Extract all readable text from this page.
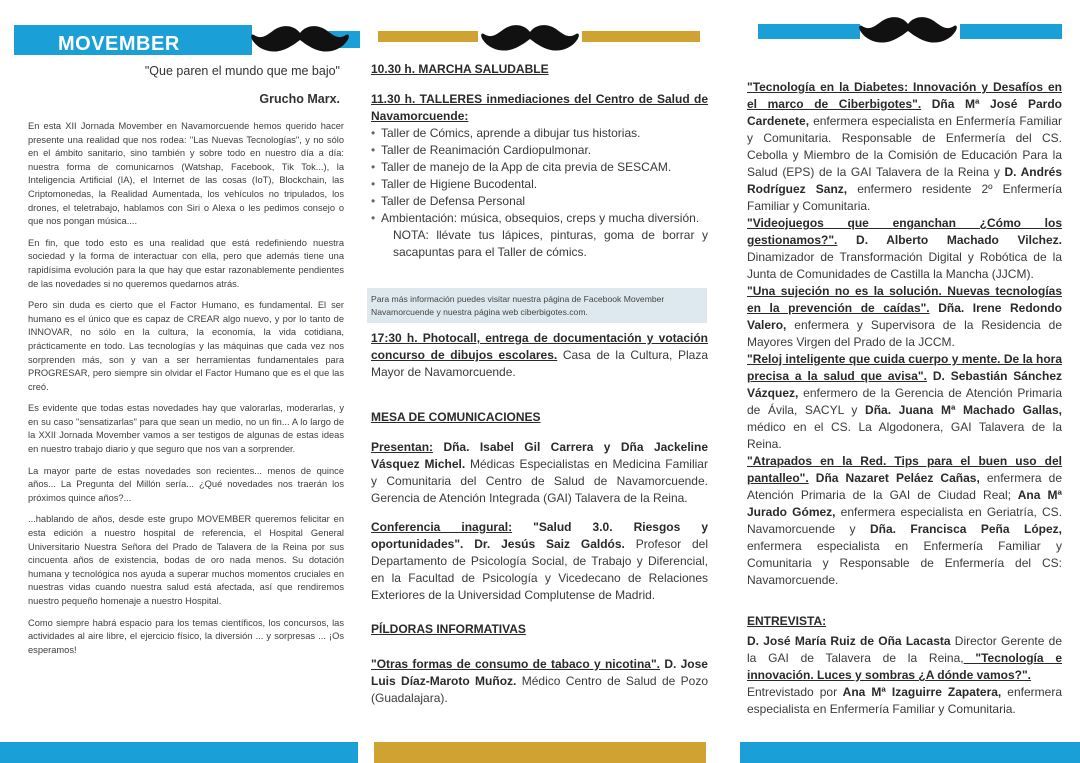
MOVEMBER
"Que paren el mundo que me bajo"
Grucho Marx.

En esta XII Jornada Movember en Navamorcuende hemos querido hacer presente una realidad que nos rodea: "Las Nuevas Tecnologías", y no sólo en el ámbito sanitario, sino también y sobre todo en nuestro día a día: nuestra forma de comunicarnos (Watshap, Facebook, Tik Tok...), la Inteligencia Artificial (IA), el Internet de las cosas (IoT), Blockchain, las Criptomonedas, la Realidad Aumentada, los vehículos no tripulados, los drones, el teletrabajo, hablamos con Siri o Alexa o les pedimos consejo o que nos pongan música....

En fin, que todo esto es una realidad que está redefiniendo nuestra sociedad y la forma de interactuar con ella, pero que además tiene una rapidísima evolución para la que hay que estar razonablemente pendientes de las novedades si no queremos quedarnos atrás.

Pero sin duda es cierto que el Factor Humano, es fundamental. El ser humano es el único que es capaz de CREAR algo nuevo, y por lo tanto de INNOVAR, no sólo en la cultura, la economía, la vida cotidiana, prácticamente en todo. Las tecnologías y las máquinas que cada vez nos sorprenden más, son y van a ser herramientas fundamentales para PROGRESAR, pero siempre sin olvidar el Factor Humano que es el que las creó.

Es evidente que todas estas novedades hay que valorarlas, moderarlas, y en su caso "sensatizarlas" para que sean un medio, no un fin... A lo largo de la XXII Jornada Movember vamos a ser testigos de algunas de estas ideas en nuestro trabajo diario y que seguro que nos van a sorprender.

La mayor parte de estas novedades son recientes... menos de quince años... La Pregunta del Millón sería... ¿Qué novedades nos traerán los próximos quince años?...

...hablando de años, desde este grupo MOVEMBER queremos felicitar en esta edición a nuestro hospital de referencia, el Hospital General Universitario Nuestra Señora del Prado de Talavera de la Reina por sus cincuenta años de existencia, bodas de oro nada menos. Su dotación humana y tecnológica nos ayuda a superar muchos momentos cruciales en nuestras vidas cuando nuestra salud está afectada, así que rendiremos nuestro pequeño homenaje a nuestro Hospital.

Como siempre habrá espacio para los temas científicos, los concursos, las actividades al aire libre, el ejercicio físico, la diversión ... y sorpresas ... ¡Os esperamos!

10.30 h. MARCHA SALUDABLE

11.30 h. TALLERES inmediaciones del Centro de Salud de Navamorcuende:

• Taller de Cómics, aprende a dibujar tus historias.
• Taller de Reanimación Cardiopulmonar.
• Taller de manejo de la App de cita previa de SESCAM.
• Taller de Higiene Bucodental.
• Taller de Defensa Personal
• Ambientación: música, obsequios, creps y mucha diversión.

NOTA: llévate tus lápices, pinturas, goma de borrar y sacapuntas para el Taller de cómics.

Para más información puedes visitar nuestra página de Facebook Movember Navamorcuende y nuestra página web ciberbigotes.com.

17:30 h. Photocall, entrega de documentación y votación concurso de dibujos escolares. Casa de la Cultura, Plaza Mayor de Navamorcuende.

MESA DE COMUNICACIONES

Presentan: Dña. Isabel Gil Carrera y Dña Jackeline Vásquez Michel. Médicas Especialistas en Medicina Familiar y Comunitaria del Centro de Salud de Navamorcuende. Gerencia de Atención Integrada (GAI) Talavera de la Reina.

Conferencia inagural: "Salud 3.0. Riesgos y oportunidades". Dr. Jesús Saiz Galdós. Profesor del Departamento de Psicología Social, de Trabajo y Diferencial, en la Facultad de Psicología y Vicedecano de Relaciones Exteriores de la Universidad Complutense de Madrid.

PÍLDORAS INFORMATIVAS

"Otras formas de consumo de tabaco y nicotina". D. Jose Luis Díaz-Maroto Muñoz. Médico Centro de Salud de Pozo (Guadalajara).

"Tecnología en la Diabetes: Innovación y Desafíos en el marco de Ciberbigotes". Dña Mª José Pardo Cardenete, enfermera especialista en Enfermería Familiar y Comunitaria. Responsable de Enfermería del CS. Cebolla y Miembro de la Comisión de Educación Para la Salud (EPS) de la GAI Talavera de la Reina y D. Andrés Rodríguez Sanz, enfermero residente 2º Enfermería Familiar y Comunitaria.

"Videojuegos que enganchan ¿Cómo los gestionamos?". D. Alberto Machado Vilchez. Dinamizador de Transformación Digital y Robótica de la Junta de Comunidades de Castilla la Mancha (JJCM).

"Una sujeción no es la solución. Nuevas tecnologías en la prevención de caídas". Dña. Irene Redondo Valero, enfermera y Supervisora de la Residencia de Mayores Virgen del Prado de la JCCM.

"Reloj inteligente que cuida cuerpo y mente. De la hora precisa a la salud que avisa". D. Sebastián Sánchez Vázquez, enfermero de la Gerencia de Atención Primaria de Ávila, SACYL y Dña. Juana Mª Machado Gallas, médico en el CS. La Algodonera, GAI Talavera de la Reina.

"Atrapados en la Red. Tips para el buen uso del pantalleo". Dña Nazaret Peláez Cañas, enfermera de Atención Primaria de la GAI de Ciudad Real; Ana Mª Jurado Gómez, enfermera especialista en Geriatría, CS. Navamorcuende y Dña. Francisca Peña López, enfermera especialista en Enfermería Familiar y Comunitaria y Responsable de Enfermería del CS: Navamorcuende.

ENTREVISTA:

D. José María Ruiz de Oña Lacasta Director Gerente de la GAI de Talavera de la Reina, "Tecnología e innovación. Luces y sombras ¿A dónde vamos?".

Entrevistado por Ana Mª Izaguirre Zapatera, enfermera especialista en Enfermería Familiar y Comunitaria.
